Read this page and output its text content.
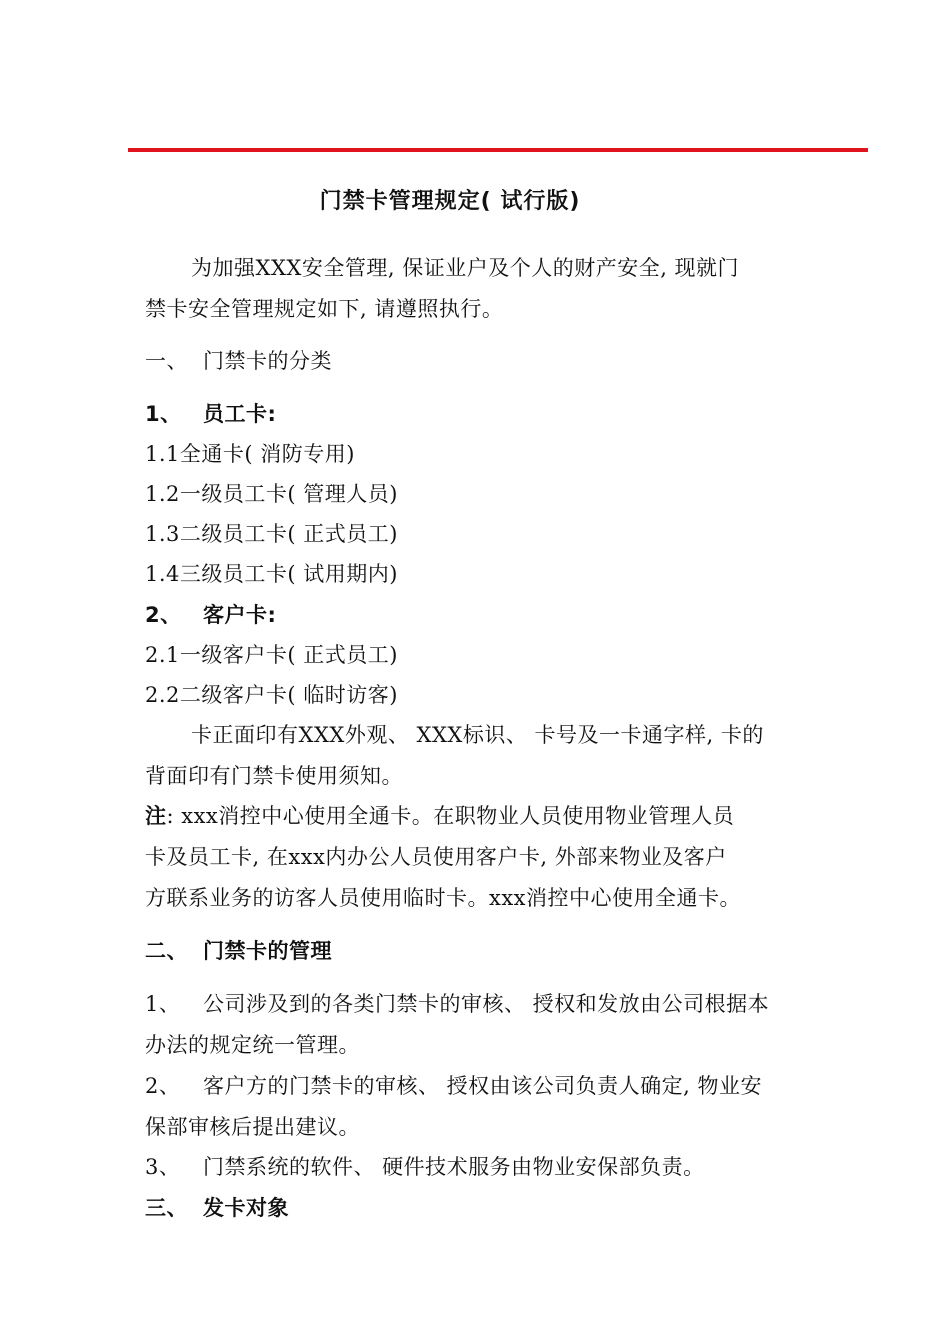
门禁卡管理规定( 试行版)
为加强XXX安全管理, 保证业户及个人的财产安全, 现就门
禁卡安全管理规定如下, 请遵照执行。
一、 门禁卡的分类
1、 员工卡:
1.1全通卡( 消防专用)
1.2一级员工卡( 管理人员)
1.3二级员工卡( 正式员工)
1.4三级员工卡( 试用期内)
2、 客户卡:
2.1一级客户卡( 正式员工)
2.2二级客户卡( 临时访客)
卡正面印有XXX外观、 XXX标识、 卡号及一卡通字样, 卡的
背面印有门禁卡使用须知。
注: xxx消控中心使用全通卡。在职物业人员使用物业管理人员
卡及员工卡, 在xxx内办公人员使用客户卡, 外部来物业及客户
方联系业务的访客人员使用临时卡。xxx消控中心使用全通卡。
二、 门禁卡的管理
1、 公司涉及到的各类门禁卡的审核、 授权和发放由公司根据本
办法的规定统一管理。
2、 客户方的门禁卡的审核、 授权由该公司负责人确定, 物业安
保部审核后提出建议。
3、 门禁系统的软件、 硬件技术服务由物业安保部负责。
三、 发卡对象
